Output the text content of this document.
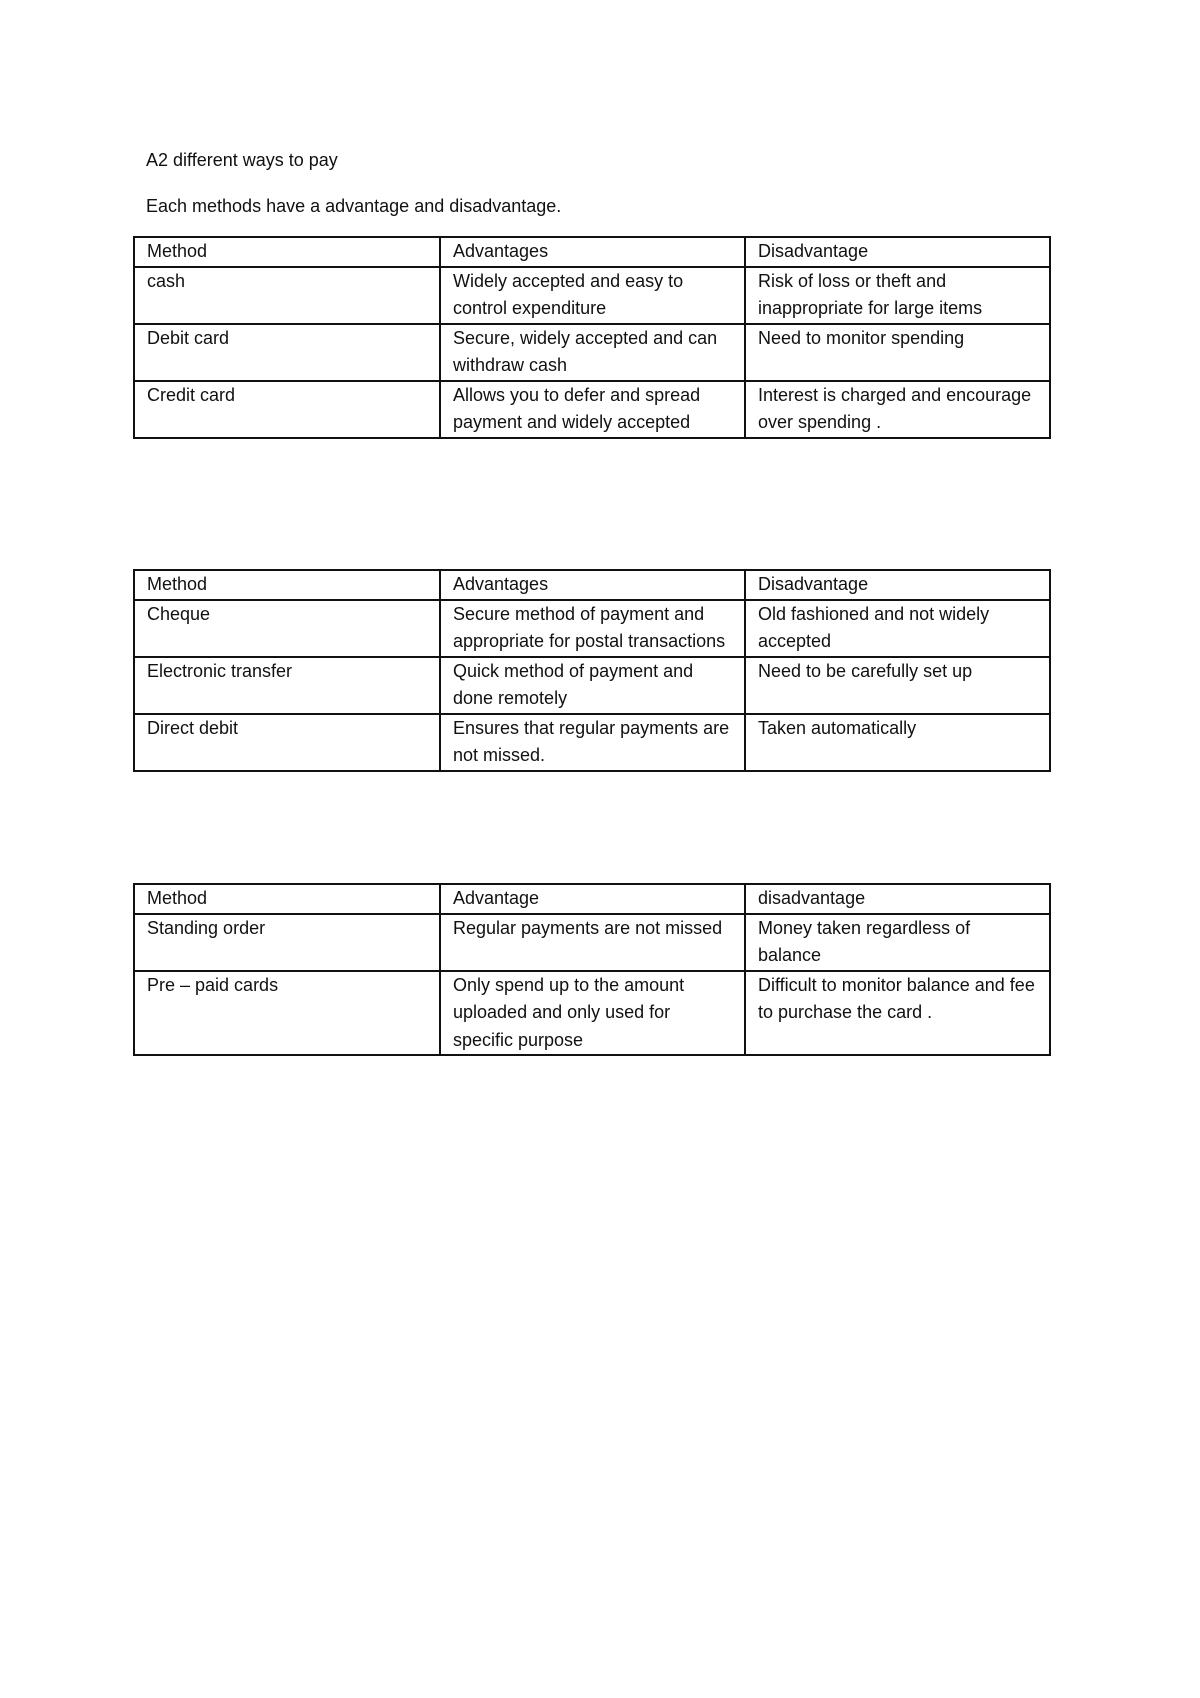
A2 different ways to pay

Each methods have a advantage and disadvantage.

Method	Advantages	Disadvantage
cash	Widely accepted and easy to control expenditure	Risk of loss or theft and inappropriate for large items
Debit card	Secure, widely accepted and can withdraw cash	Need to monitor spending
Credit card	Allows you to defer and spread payment and widely accepted	Interest is charged and encourage over spending .
Method	Advantages	Disadvantage
Cheque	Secure method of payment and appropriate for postal transactions	Old fashioned and not widely accepted
Electronic transfer	Quick method of payment and done remotely	Need to be carefully set up
Direct debit	Ensures that regular payments are not missed.	Taken automatically
Method	Advantage	disadvantage
Standing order	Regular payments are not missed	Money taken regardless of balance
Pre – paid cards	Only spend up to the amount uploaded and only used for specific purpose	Difficult to monitor balance and fee to purchase the card .
